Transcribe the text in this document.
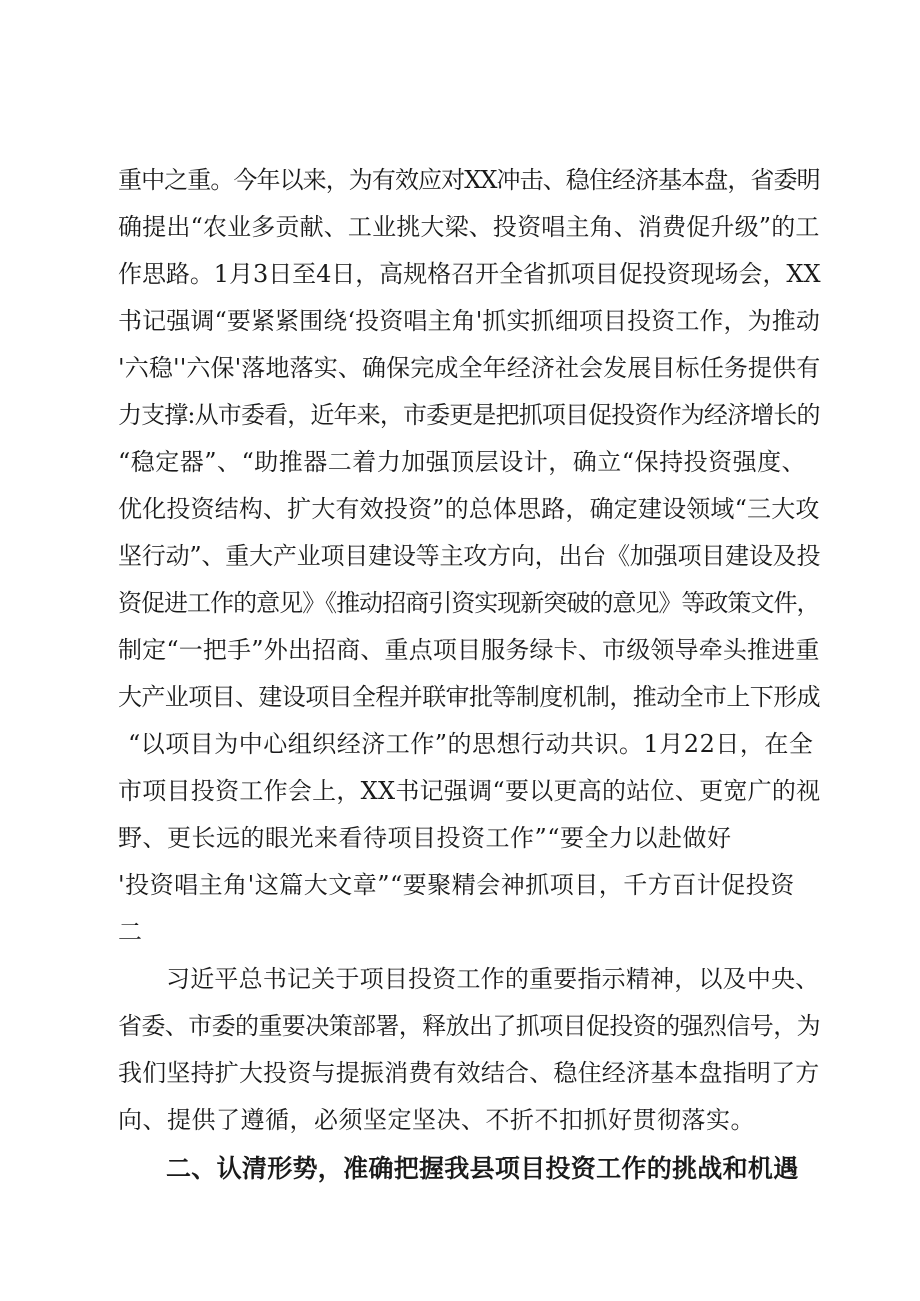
重中之重。今年以来，为有效应对XX冲击、稳住经济基本盘，省委明
确提出“农业多贡献、工业挑大梁、投资唱主角、消费促升级”的工
作思路。1月3日至4日，高规格召开全省抓项目促投资现场会，XX
书记强调“要紧紧围绕‘投资唱主角'抓实抓细项目投资工作，为推动
'六稳''六保'落地落实、确保完成全年经济社会发展目标任务提供有
力支撑:从市委看，近年来，市委更是把抓项目促投资作为经济增长的
“稳定器”、“助推器二着力加强顶层设计，确立“保持投资强度、
优化投资结构、扩大有效投资”的总体思路，确定建设领域“三大攻
坚行动”、重大产业项目建设等主攻方向，出台《加强项目建设及投
资促进工作的意见》《推动招商引资实现新突破的意见》等政策文件，
制定“一把手”外出招商、重点项目服务绿卡、市级领导牵头推进重
大产业项目、建设项目全程并联审批等制度机制，推动全市上下形成
“以项目为中心组织经济工作”的思想行动共识。1月22日，在全
市项目投资工作会上，XX书记强调“要以更高的站位、更宽广的视
野、更长远的眼光来看待项目投资工作”“要全力以赴做好
'投资唱主角'这篇大文章”“要聚精会神抓项目，千方百计促投资
二
习近平总书记关于项目投资工作的重要指示精神，以及中央、
省委、市委的重要决策部署，释放出了抓项目促投资的强烈信号，为
我们坚持扩大投资与提振消费有效结合、稳住经济基本盘指明了方
向、提供了遵循，必须坚定坚决、不折不扣抓好贯彻落实。
二、认清形势，准确把握我县项目投资工作的挑战和机遇
